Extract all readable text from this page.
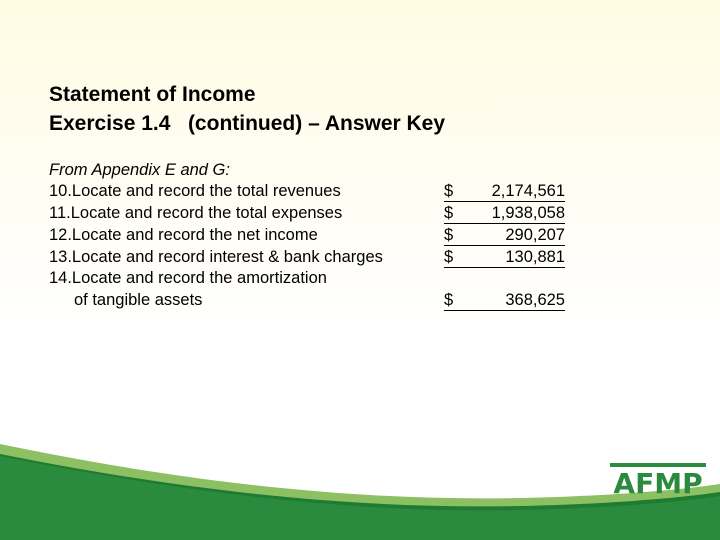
Statement of Income
Exercise 1.4   (continued) – Answer Key
From Appendix E and G:
10.Locate and record the total revenues	$ 2,174,561
11.Locate and record the total expenses	$ 1,938,058
12.Locate and record the net income	$	290,207
13.Locate and record interest & bank charges	$	130,881
14.Locate and record the amortization
of tangible assets	$	368,625
AFMP
